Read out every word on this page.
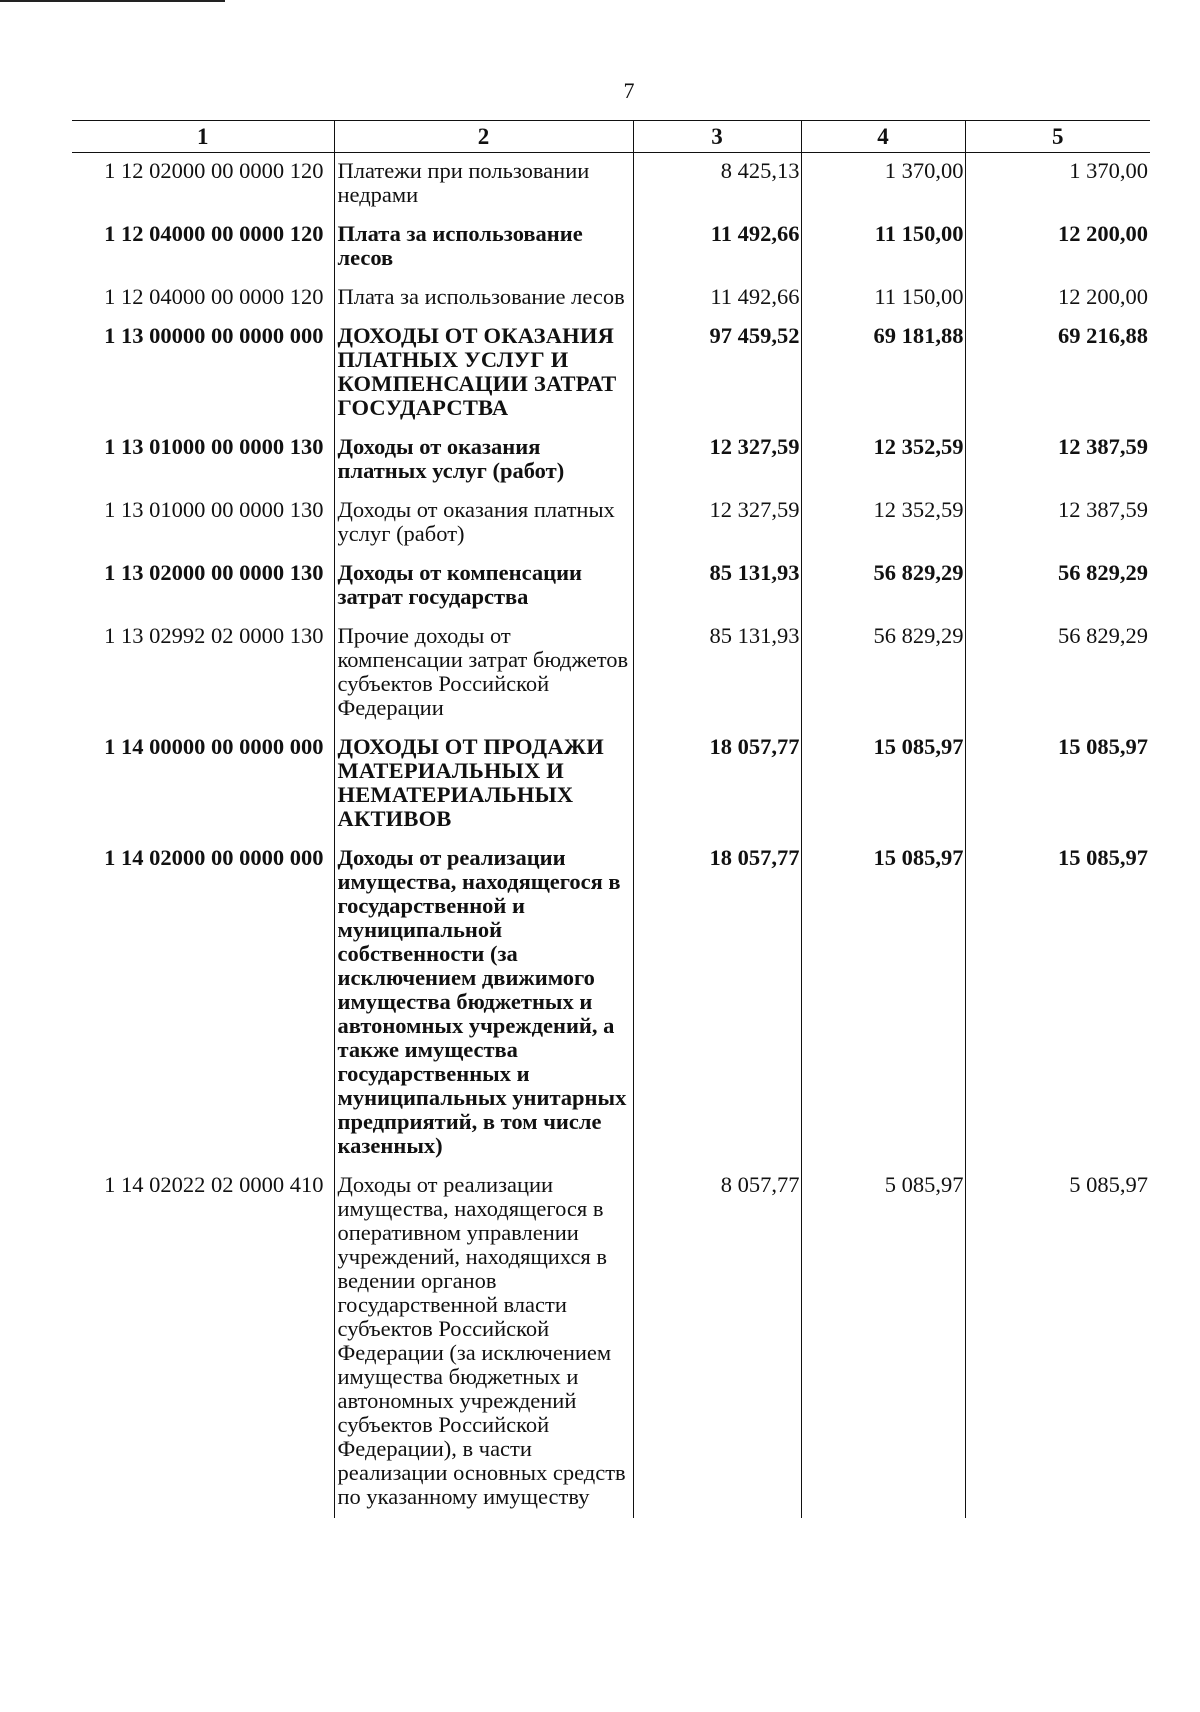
7
1	2	3	4	5
1 12 02000 00 0000 120	Платежи при пользовании недрами	8 425,13	1 370,00	1 370,00
1 12 04000 00 0000 120	Плата за использование лесов	11 492,66	11 150,00	12 200,00
1 12 04000 00 0000 120	Плата за использование лесов	11 492,66	11 150,00	12 200,00
1 13 00000 00 0000 000	ДОХОДЫ ОТ ОКАЗАНИЯ ПЛАТНЫХ УСЛУГ И КОМПЕНСАЦИИ ЗАТРАТ ГОСУДАРСТВА	97 459,52	69 181,88	69 216,88
1 13 01000 00 0000 130	Доходы от оказания платных услуг (работ)	12 327,59	12 352,59	12 387,59
1 13 01000 00 0000 130	Доходы от оказания платных услуг (работ)	12 327,59	12 352,59	12 387,59
1 13 02000 00 0000 130	Доходы от компенсации затрат государства	85 131,93	56 829,29	56 829,29
1 13 02992 02 0000 130	Прочие доходы от компенсации затрат бюджетов субъектов Российской Федерации	85 131,93	56 829,29	56 829,29
1 14 00000 00 0000 000	ДОХОДЫ ОТ ПРОДАЖИ МАТЕРИАЛЬНЫХ И НЕМАТЕРИАЛЬНЫХ АКТИВОВ	18 057,77	15 085,97	15 085,97
1 14 02000 00 0000 000	Доходы от реализации имущества, находящегося в государственной и муниципальной собственности (за исключением движимого имущества бюджетных и автономных учреждений, а также имущества государственных и муниципальных унитарных предприятий, в том числе казенных)	18 057,77	15 085,97	15 085,97
1 14 02022 02 0000 410	Доходы от реализации имущества, находящегося в оперативном управлении учреждений, находящихся в ведении органов государственной власти субъектов Российской Федерации (за исключением имущества бюджетных и автономных учреждений субъектов Российской Федерации), в части реализации основных средств по указанному имуществу	8 057,77	5 085,97	5 085,97
